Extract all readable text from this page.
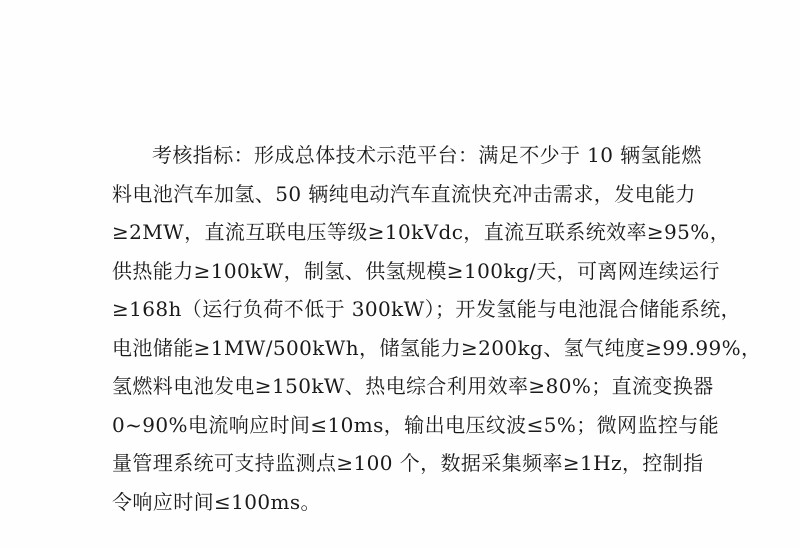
考核指标：形成总体技术示范平台：满足不少于 10 辆氢能燃
料电池汽车加氢、50 辆纯电动汽车直流快充冲击需求，发电能力
≥2MW，直流互联电压等级≥10kVdc，直流互联系统效率≥95%，
供热能力≥100kW，制氢、供氢规模≥100kg/天，可离网连续运行
≥168h（运行负荷不低于 300kW）；开发氢能与电池混合储能系统，
电池储能≥1MW/500kWh，储氢能力≥200kg、氢气纯度≥99.99%，
氢燃料电池发电≥150kW、热电综合利用效率≥80%；直流变换器
0~90%电流响应时间≤10ms，输出电压纹波≤5%；微网监控与能
量管理系统可支持监测点≥100 个，数据采集频率≥1Hz，控制指
令响应时间≤100ms。
